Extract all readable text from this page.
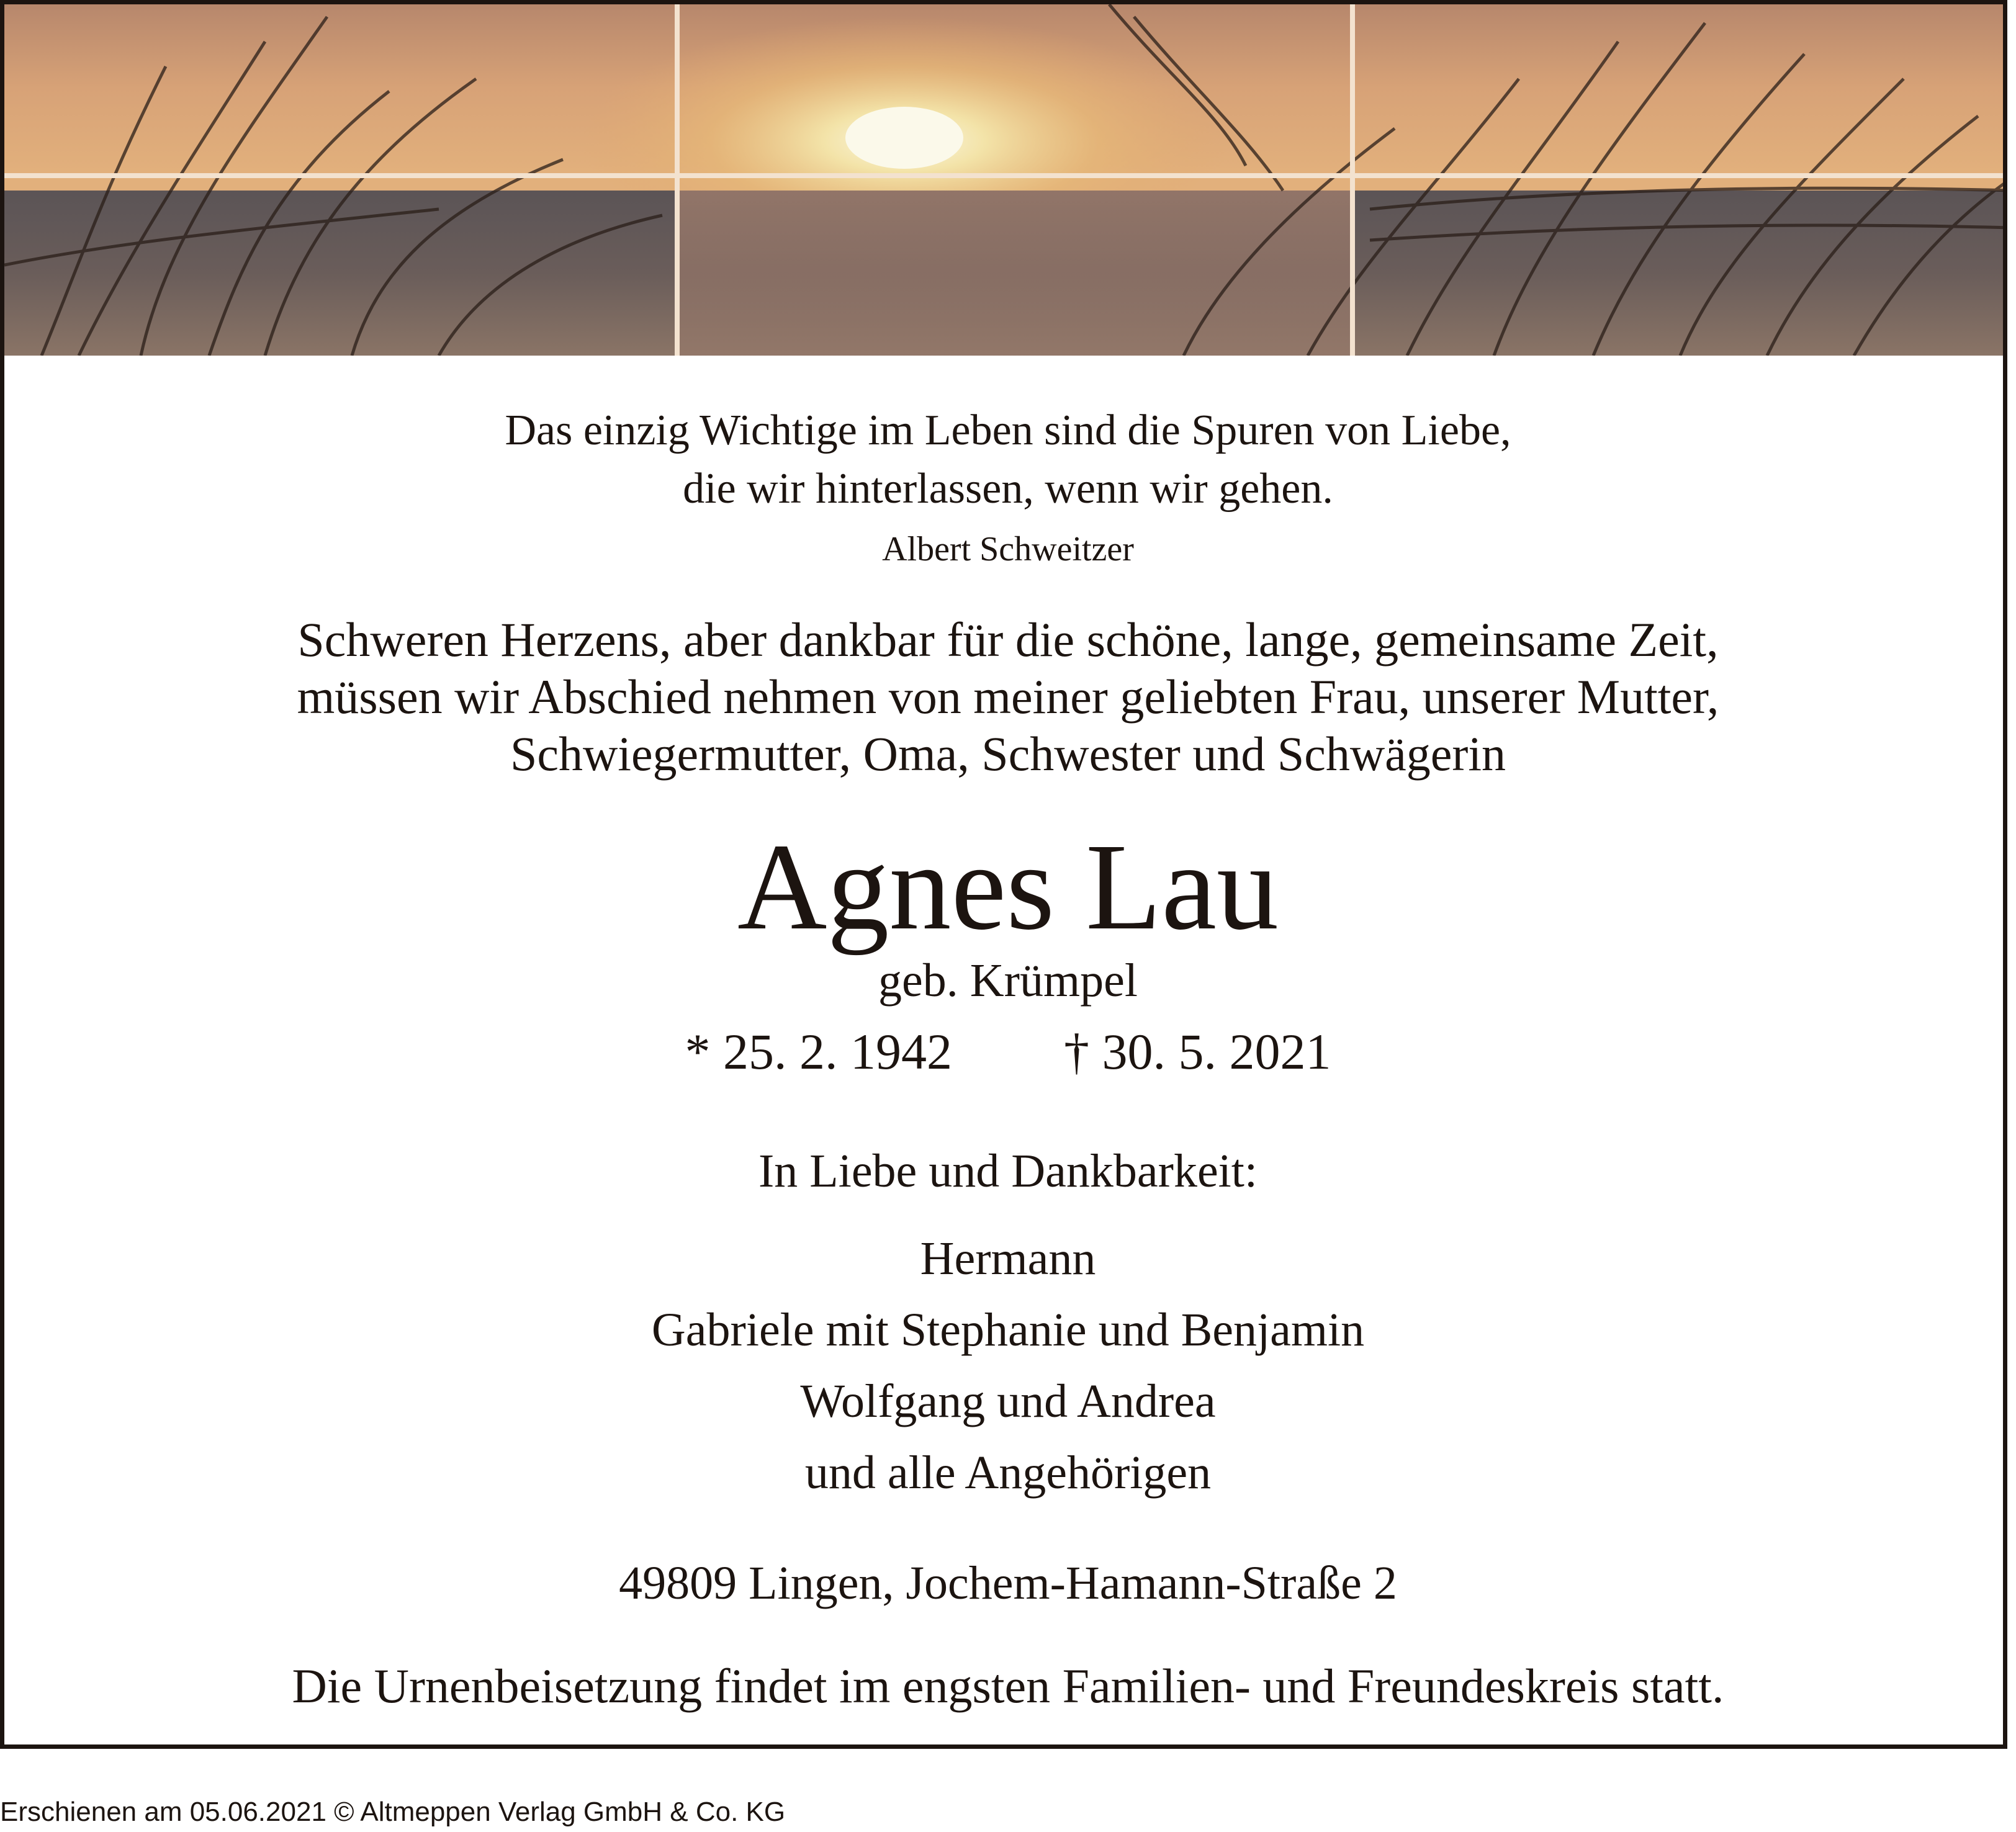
Das einzig Wichtige im Leben sind die Spuren von Liebe,
die wir hinterlassen, wenn wir gehen.
Albert Schweitzer
Schweren Herzens, aber dankbar für die schöne, lange, gemeinsame Zeit,
müssen wir Abschied nehmen von meiner geliebten Frau, unserer Mutter,
Schwiegermutter, Oma, Schwester und Schwägerin
Agnes Lau
geb. Krümpel
* 25. 2. 1942 † 30. 5. 2021
In Liebe und Dankbarkeit:
Hermann
Gabriele mit Stephanie und Benjamin
Wolfgang und Andrea
und alle Angehörigen
49809 Lingen, Jochem-Hamann-Straße 2
Die Urnenbeisetzung findet im engsten Familien- und Freundeskreis statt.
Erschienen am 05.06.2021 © Altmeppen Verlag GmbH & Co. KG
